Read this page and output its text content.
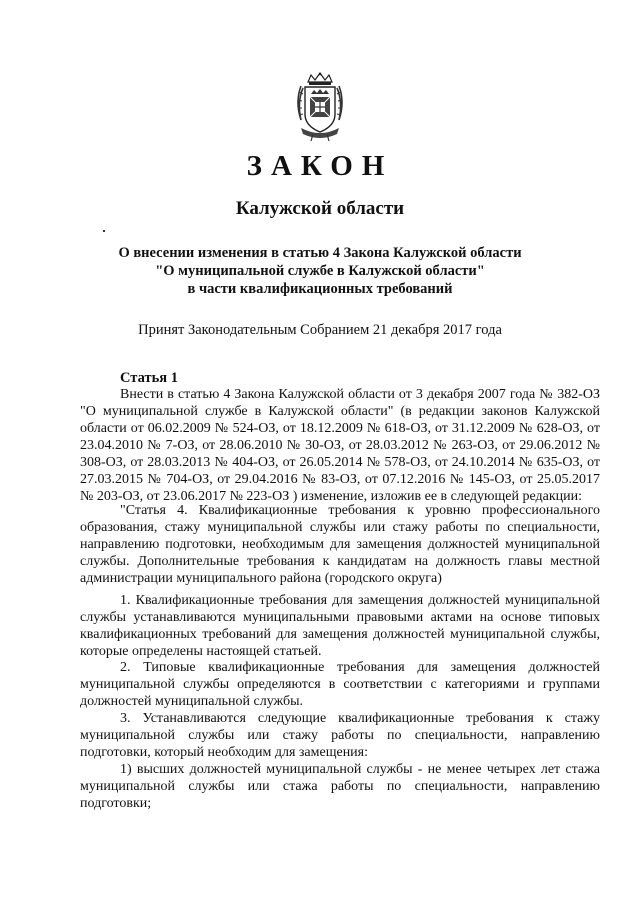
ЗАКОН
Калужской области
О внесении изменения в статью 4 Закона Калужской области
"О муниципальной службе в Калужской области"
в части квалификационных требований
Принят Законодательным Собранием 21 декабря 2017 года
Статья 1
Внести в статью 4 Закона Калужской области от 3 декабря 2007 года № 382-ОЗ "О муниципальной службе в Калужской области" (в редакции законов Калужской области от 06.02.2009 № 524-ОЗ, от 18.12.2009 № 618-ОЗ, от 31.12.2009 № 628-ОЗ, от 23.04.2010 № 7-ОЗ, от 28.06.2010 № 30-ОЗ, от 28.03.2012 № 263-ОЗ, от 29.06.2012 № 308-ОЗ, от 28.03.2013 № 404-ОЗ, от 26.05.2014 № 578-ОЗ, от 24.10.2014 № 635-ОЗ, от 27.03.2015 № 704-ОЗ, от 29.04.2016 № 83-ОЗ, от 07.12.2016 № 145-ОЗ, от 25.05.2017 № 203-ОЗ, от 23.06.2017 № 223-ОЗ ) изменение, изложив ее в следующей редакции:
"Статья 4. Квалификационные требования к уровню профессионального образования, стажу муниципальной службы или стажу работы по специальности, направлению подготовки, необходимым для замещения должностей муниципальной службы. Дополнительные требования к кандидатам на должность главы местной администрации муниципального района (городского округа)
1. Квалификационные требования для замещения должностей муниципальной службы устанавливаются муниципальными правовыми актами на основе типовых квалификационных требований для замещения должностей муниципальной службы, которые определены настоящей статьей.
2. Типовые квалификационные требования для замещения должностей муниципальной службы определяются в соответствии с категориями и группами должностей муниципальной службы.
3. Устанавливаются следующие квалификационные требования к стажу муниципальной службы или стажу работы по специальности, направлению подготовки, который необходим для замещения:
1) высших должностей муниципальной службы - не менее четырех лет стажа муниципальной службы или стажа работы по специальности, направлению подготовки;
